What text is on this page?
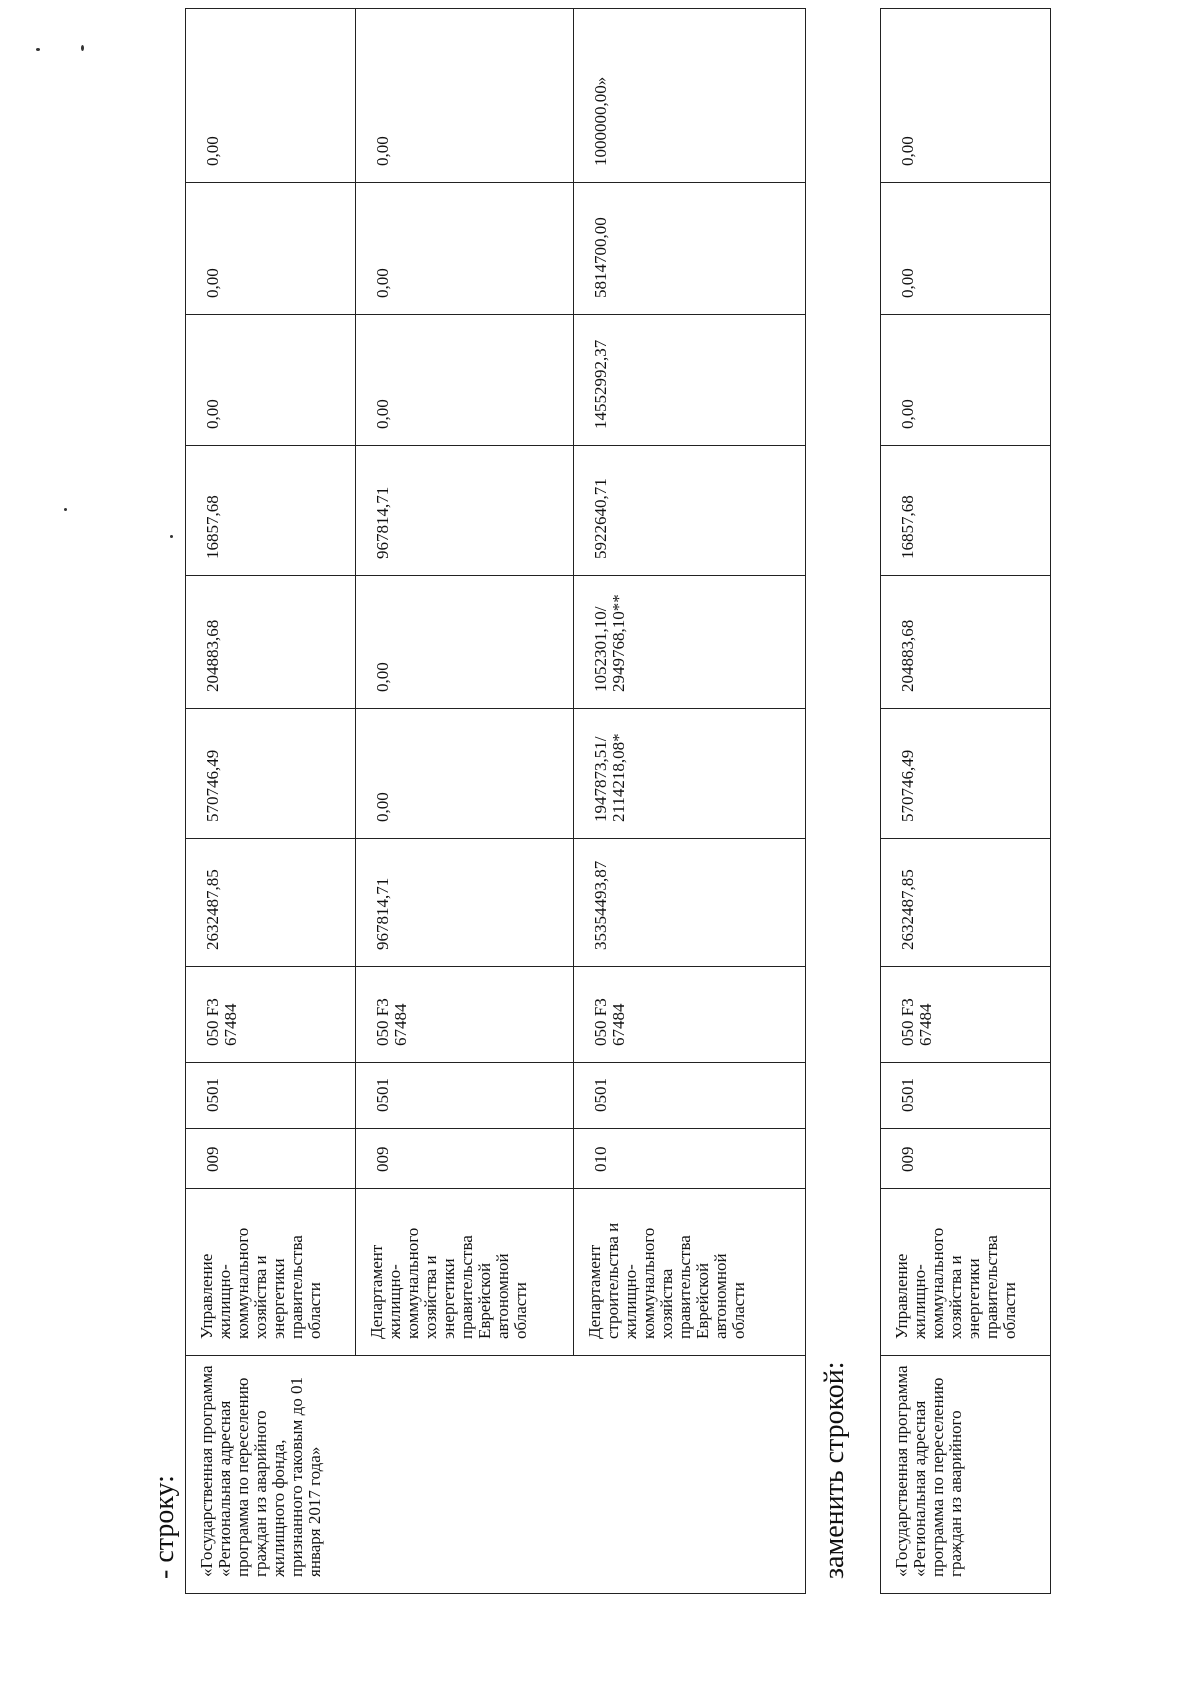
- строку: «Государственная программа «Региональная адресная программа по переселению граждан из аварийного жилищного фонда, признанного таковым до 01 января 2017 года»	Управление жилищно-коммунального хозяйства и энергетики правительства области	009	0501	050 F3 67484	2632487,85	570746,49	204883,68	16857,68	0,00	0,00	0,00
	Департамент жилищно-коммунального хозяйства и энергетики правительства Еврейской автономной области	009	0501	050 F3 67484	967814,71	0,00	0,00	967814,71	0,00	0,00	0,00
	Департамент строительства и жилищно-коммунального хозяйства правительства Еврейской автономной области	010	0501	050 F3 67484	35354493,87	1947873,51/
2114218,08*	1052301,10/
2949768,10**	5922640,71	14552992,37	5814700,00	1000000,00»
заменить строкой: «Государственная программа «Региональная адресная программа по переселению граждан из аварийного	Управление жилищно-коммунального хозяйства и энергетики правительства области	009	0501	050 F3 67484	2632487,85	570746,49	204883,68	16857,68	0,00	0,00	0,00
